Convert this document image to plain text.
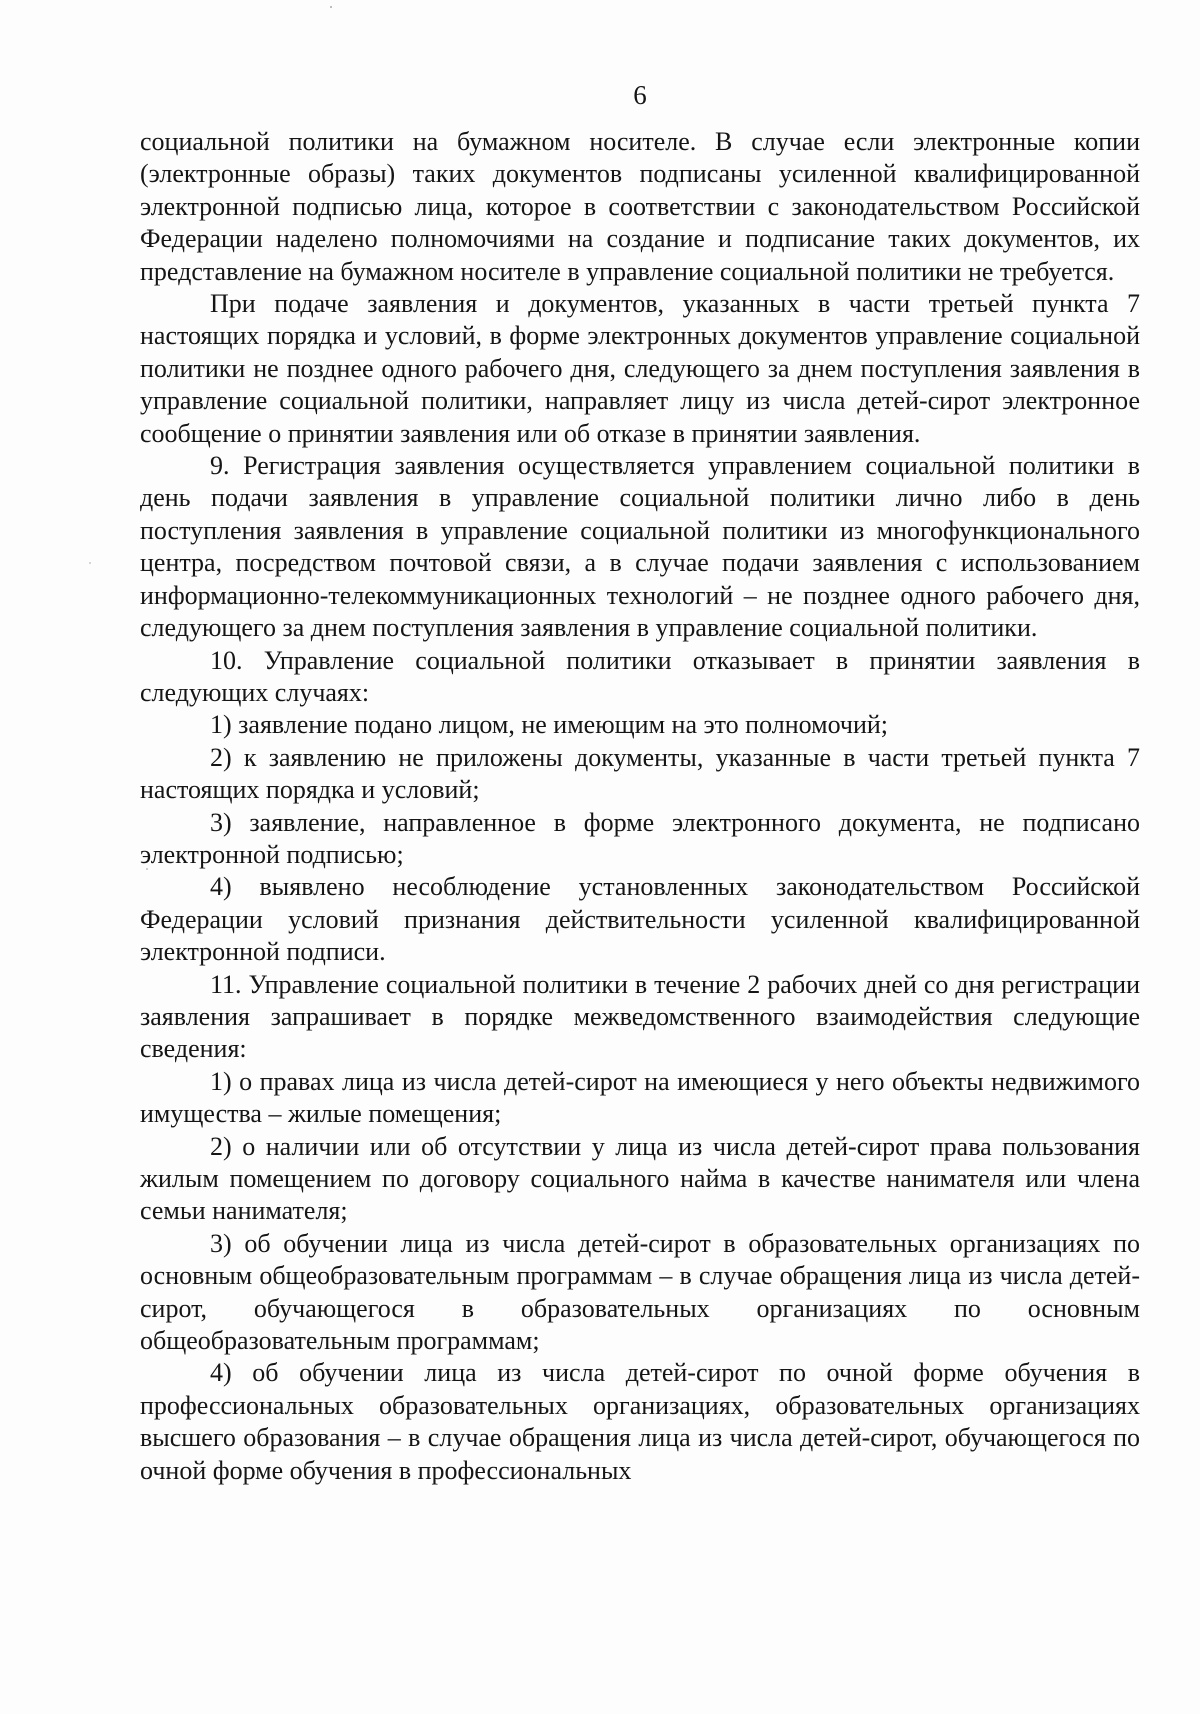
6

социальной политики на бумажном носителе. В случае если электронные копии (электронные образы) таких документов подписаны усиленной квалифицированной электронной подписью лица, которое в соответствии с законодательством Российской Федерации наделено полномочиями на создание и подписание таких документов, их представление на бумажном носителе в управление социальной политики не требуется.

При подаче заявления и документов, указанных в части третьей пункта 7 настоящих порядка и условий, в форме электронных документов управление социальной политики не позднее одного рабочего дня, следующего за днем поступления заявления в управление социальной политики, направляет лицу из числа детей-сирот электронное сообщение о принятии заявления или об отказе в принятии заявления.

9. Регистрация заявления осуществляется управлением социальной политики в день подачи заявления в управление социальной политики лично либо в день поступления заявления в управление социальной политики из многофункционального центра, посредством почтовой связи, а в случае подачи заявления с использованием информационно-телекоммуникационных технологий – не позднее одного рабочего дня, следующего за днем поступления заявления в управление социальной политики.

10. Управление социальной политики отказывает в принятии заявления в следующих случаях:

1) заявление подано лицом, не имеющим на это полномочий;

2) к заявлению не приложены документы, указанные в части третьей пункта 7 настоящих порядка и условий;

3) заявление, направленное в форме электронного документа, не подписано электронной подписью;

4) выявлено несоблюдение установленных законодательством Российской Федерации условий признания действительности усиленной квалифицированной электронной подписи.

11. Управление социальной политики в течение 2 рабочих дней со дня регистрации заявления запрашивает в порядке межведомственного взаимодействия следующие сведения:

1) о правах лица из числа детей-сирот на имеющиеся у него объекты недвижимого имущества – жилые помещения;

2) о наличии или об отсутствии у лица из числа детей-сирот права пользования жилым помещением по договору социального найма в качестве нанимателя или члена семьи нанимателя;

3) об обучении лица из числа детей-сирот в образовательных организациях по основным общеобразовательным программам – в случае обращения лица из числа детей-сирот, обучающегося в образовательных организациях по основным общеобразовательным программам;

4) об обучении лица из числа детей-сирот по очной форме обучения в профессиональных образовательных организациях, образовательных организациях высшего образования – в случае обращения лица из числа детей-сирот, обучающегося по очной форме обучения в профессиональных
